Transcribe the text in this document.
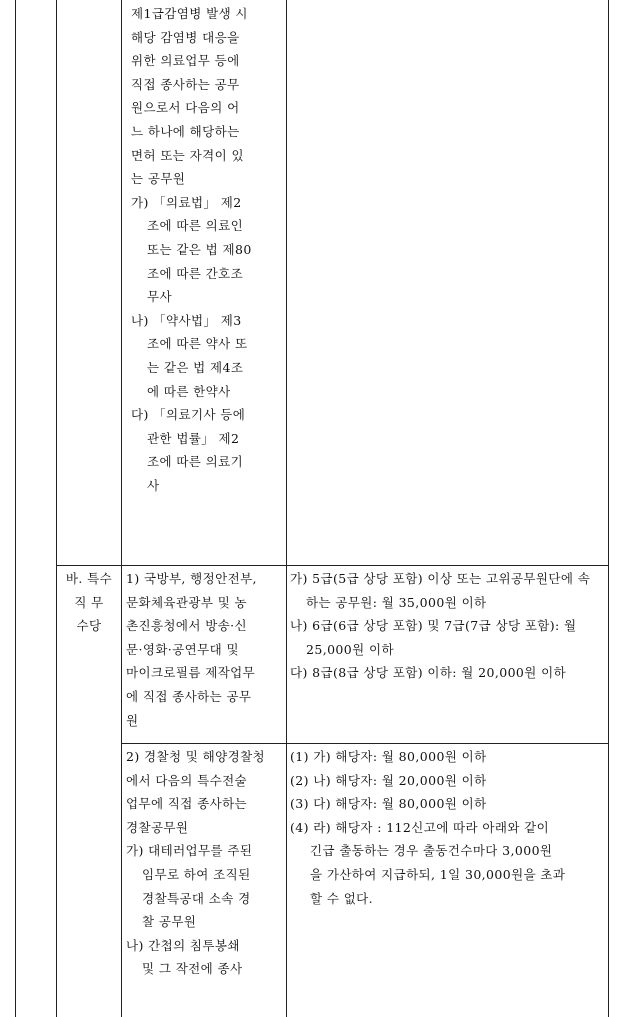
제1급감염병 발생 시
해당 감염병 대응을
위한 의료업무 등에
직접 종사하는 공무
원으로서 다음의 어
느 하나에 해당하는
면허 또는 자격이 있
는 공무원
가) 「의료법」 제2
조에 따른 의료인
또는 같은 법 제80
조에 따른 간호조
무사
나) 「약사법」 제3
조에 따른 약사 또
는 같은 법 제4조
에 따른 한약사
다) 「의료기사 등에
관한 법률」 제2
조에 따른 의료기
사
바. 특수
직 무
수당
1) 국방부, 행정안전부,
문화체육관광부 및 농
촌진흥청에서 방송·신
문·영화·공연무대 및
마이크로필름 제작업무
에 직접 종사하는 공무
원
가) 5급(5급 상당 포함) 이상 또는 고위공무원단에 속
하는 공무원: 월 35,000원 이하
나) 6급(6급 상당 포함) 및 7급(7급 상당 포함): 월
25,000원 이하
다) 8급(8급 상당 포함) 이하: 월 20,000원 이하
2) 경찰청 및 해양경찰청
에서 다음의 특수전술
업무에 직접 종사하는
경찰공무원
가) 대테러업무를 주된
임무로 하여 조직된
경찰특공대 소속 경
찰 공무원
나) 간첩의 침투봉쇄
및 그 작전에 종사
(1) 가) 해당자: 월 80,000원 이하
(2) 나) 해당자: 월 20,000원 이하
(3) 다) 해당자: 월 80,000원 이하
(4) 라) 해당자 : 112신고에 따라 아래와 같이
긴급 출동하는 경우 출동건수마다 3,000원
을 가산하여 지급하되, 1일 30,000원을 초과
할 수 없다.
